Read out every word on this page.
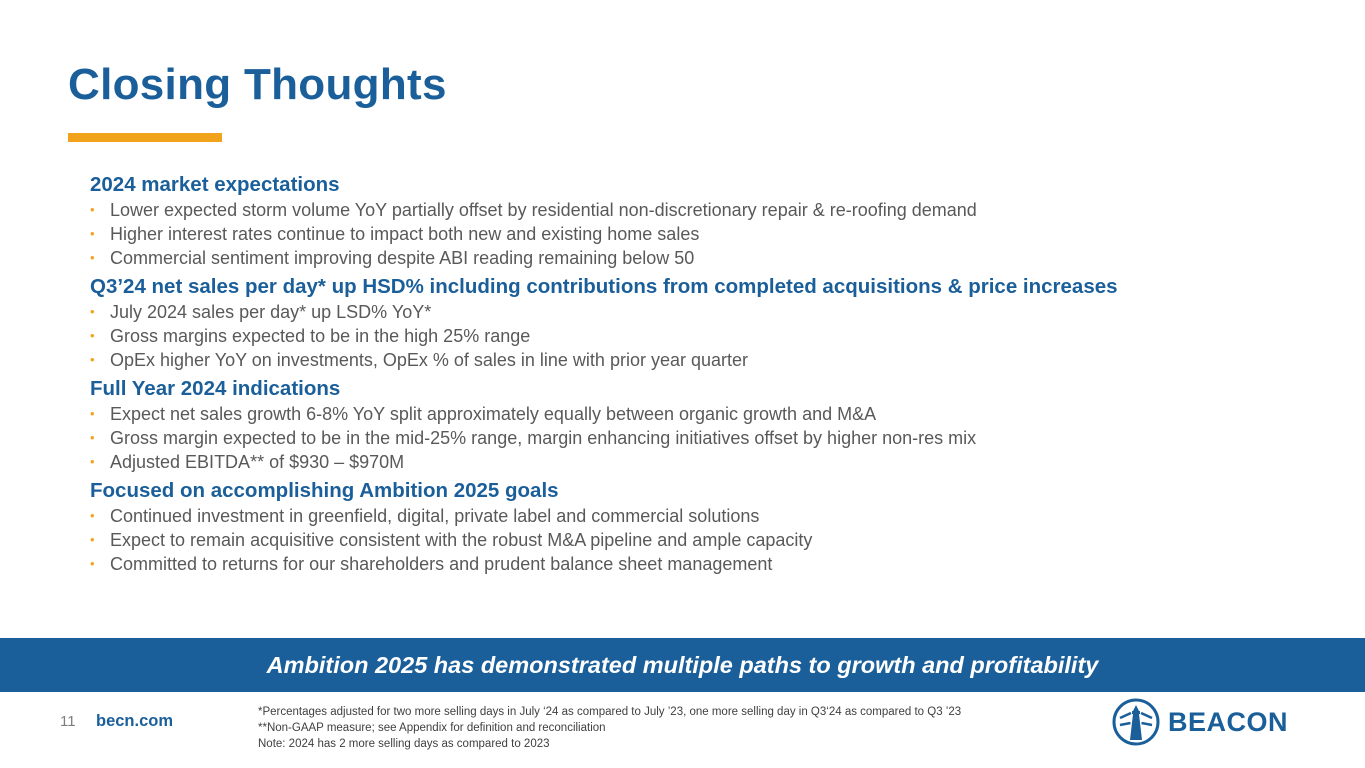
Closing Thoughts
2024 market expectations
• Lower expected storm volume YoY partially offset by residential non-discretionary repair & re-roofing demand
• Higher interest rates continue to impact both new and existing home sales
• Commercial sentiment improving despite ABI reading remaining below 50
Q3’24 net sales per day* up HSD% including contributions from completed acquisitions & price increases
• July 2024 sales per day* up LSD% YoY*
• Gross margins expected to be in the high 25% range
• OpEx higher YoY on investments, OpEx % of sales in line with prior year quarter
Full Year 2024 indications
• Expect net sales growth 6-8% YoY split approximately equally between organic growth and M&A
• Gross margin expected to be in the mid-25% range, margin enhancing initiatives offset by higher non-res mix
• Adjusted EBITDA** of $930 – $970M
Focused on accomplishing Ambition 2025 goals
• Continued investment in greenfield, digital, private label and commercial solutions
• Expect to remain acquisitive consistent with the robust M&A pipeline and ample capacity
• Committed to returns for our shareholders and prudent balance sheet management
Ambition 2025 has demonstrated multiple paths to growth and profitability
11 becn.com	*Percentages adjusted for two more selling days in July ‘24 as compared to July ’23, one more selling day in Q3‘24 as compared to Q3 ’23
**Non-GAAP measure; see Appendix for definition and reconciliation
Note: 2024 has 2 more selling days as compared to 2023
BEACON
